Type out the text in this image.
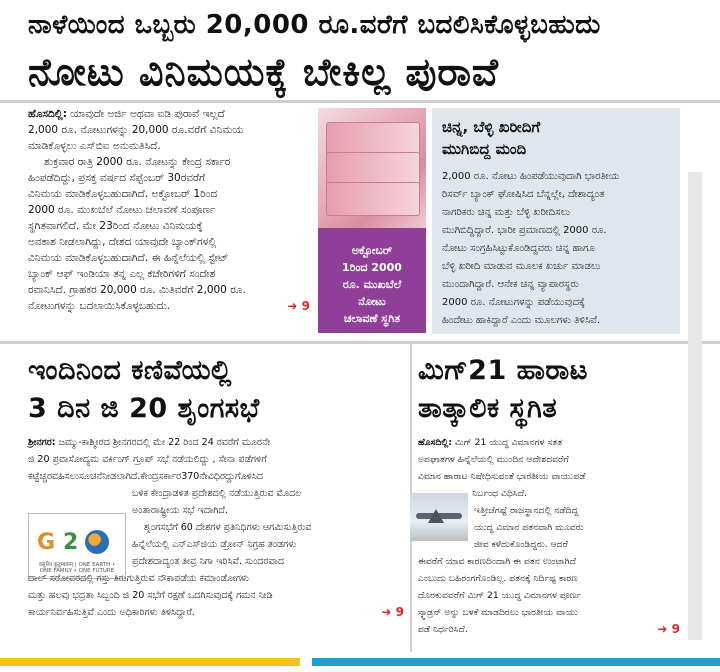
ನಾಳೆಯಿಂದ ಒಬ್ಬರು 20,000 ರೂ.ವರೆಗೆ ಬದಲಿಸಿಕೊಳ್ಳಬಹುದು
ನೋಟು ವಿನಿಮಯಕ್ಕೆ ಬೇಕಿಲ್ಲ ಪುರಾವೆ
ಹೊಸದಿಲ್ಲಿ: ಯಾವುದೇ ಅರ್ಜಿ ಅಥವಾ ಐಡಿ ಪುರಾವೆ ಇಲ್ಲದೆ
2,000 ರೂ. ನೋಟುಗಳನ್ನು 20,000 ರೂ.ವರೆಗೆ ವಿನಿಮಯ
ಮಾಡಿಕೊಳ್ಳಲು ಎಸ್‌ಬಿಐ ಅನುಮತಿಸಿದೆ.
ಶುಕ್ರವಾರ ರಾತ್ರಿ 2000 ರೂ. ನೋಟನ್ನು ಕೇಂದ್ರ ಸರ್ಕಾರ
ಹಿಂಪಡೆದಿದ್ದು, ಪ್ರಸಕ್ತ ವರ್ಷದ ಸೆಪ್ಟೆಂಬರ್ 30ರವರೆಗೆ
ವಿನಿಮಯ ಮಾಡಿಕೊಳ್ಳಬಹುದಾಗಿದೆ. ಅಕ್ಟೋಬರ್ 1ರಿಂದ
2000 ರೂ. ಮುಖಬೆಲೆ ನೋಟು ಚಲಾವಣೆ ಸಂಪೂರ್ಣ
ಸ್ಥಗಿತವಾಗಲಿದೆ. ಮೇ 23ರಿಂದ ನೋಟು ವಿನಿಮಯಕ್ಕೆ
ಅವಕಾಶ ನೀಡಲಾಗಿದ್ದು, ದೇಶದ ಯಾವುದೇ ಬ್ಯಾಂಕ್‌ಗಳಲ್ಲಿ
ವಿನಿಮಯ ಮಾಡಿಕೊಳ್ಳಬಹುದಾಗಿದೆ. ಈ ಹಿನ್ನೆಲೆಯಲ್ಲಿ ಸ್ಟೇಟ್
ಬ್ಯಾಂಕ್ ಆಫ್ ಇಂಡಿಯಾ ತನ್ನ ಎಲ್ಲ ಕಚೇರಿಗಳಿಗೆ ಸಂದೇಶ
ರವಾನಿಸಿದೆ. ಗ್ರಾಹಕರ 20,000 ರೂ. ಮಿತಿವರೆಗೆ 2,000 ರೂ.
ನೋಟುಗಳನ್ನು ಬದಲಾಯಿಸಿಕೊಳ್ಳಬಹುದು.	➜ 9
ಅಕ್ಟೋಬರ್
1ರಿಂದ 2000
ರೂ. ಮುಖಬೆಲೆ
ನೋಟು
ಚಲಾವಣೆ ಸ್ಥಗಿತ
ಚಿನ್ನ, ಬೆಳ್ಳಿ ಖರೀದಿಗೆ
ಮುಗಿಬಿದ್ದ ಮಂದಿ
2,000 ರೂ. ನೋಟು ಹಿಂಪಡೆಯುವುದಾಗಿ ಭಾರತೀಯ
ರಿಸರ್ವ್ ಬ್ಯಾಂಕ್ ಘೋಷಿಸಿದ ಬೆನ್ನಲ್ಲೇ, ದೇಶಾದ್ಯಂತ
ನಾಗರಿಕರು ಚಿನ್ನ ಮತ್ತು ಬೆಳ್ಳಿ ಖರೀದಿಸಲು
ಮುಗಿಬಿದ್ದಿದ್ದಾರೆ. ಭಾರೀ ಪ್ರಮಾಣದಲ್ಲಿ 2000 ರೂ.
ನೋಟು ಸಂಗ್ರಹಿಸಿಟ್ಟುಕೊಂಡಿದ್ದವರು ಚಿನ್ನ ಹಾಗೂ
ಬೆಳ್ಳಿ ಖರೀದಿ ಮಾಡುವ ಮೂಲಕ ಖರ್ಚು ಮಾಡಲು
ಮುಂದಾಗಿದ್ದಾರೆ. ಆನೇಕ ಚಿನ್ನ ವ್ಯಾಪಾರಸ್ಥರು
2000 ರೂ. ನೋಟುಗಳನ್ನು ಪಡೆಯುವುದಕ್ಕೆ
ಹಿಂದೇಟು ಹಾಕಿದ್ದಾರೆ ಎಂದು ಮೂಲಗಳು ತಿಳಿಸಿವೆ.
ಇಂದಿನಿಂದ ಕಣಿವೆಯಲ್ಲಿ
3 ದಿನ ಜಿ 20 ಶೃಂಗಸಭೆ
ಶ್ರೀನಗರ: ಜಮ್ಮು-ಕಾಶ್ಮೀರದ ಶ್ರೀನಗರದಲ್ಲಿ ಮೇ 22 ರಿಂದ 24 ರವರೆಗೆ ಮೂರನೇ
ಜಿ 20 ಪ್ರವಾಸೋದ್ಯಮ ವರ್ಕಿಂಗ್ ಗ್ರೂಪ್ ಸಭೆ ನಡೆಯಲಿದ್ದು , ಸೇನಾ ಪಡೆಗಳಿಗೆ
ಕಟ್ಟೆಚ್ಚರವಹಿಸಲುಸೂಚನೆನೀಡಲಾಗಿದೆ.ಕೇಂದ್ರಸರ್ಕಾರ370ನೇವಿಧಿರದ್ದುಗೊಳಿಸಿದ
ಬಳಿಕ ಕೇಂದ್ರಾಡಳಿತ ಪ್ರದೇಶದಲ್ಲಿ ನಡೆಯುತ್ತಿರುವ ಮೊದಲ
ಅಂತಾರಾಷ್ಟ್ರೀಯ ಸಭೆ ಇದಾಗಿದೆ.
ಶೃಂಗಸಭೆಗೆ 60 ದೇಶಗಳ ಪ್ರತಿನಿಧಿಗಳು ಆಗಮಿಸುತ್ತಿರುವ
ಹಿನ್ನೆಲೆಯಲ್ಲಿ ಎನ್‌ಎಸ್‌ಜಿಯ ಡ್ರೋನ್ ನಿಗ್ರಹ ತಂಡಗಳು
ಪ್ರದೇಶದಾದ್ಯಂತ ತೀವ್ರ ನಿಗಾ ಇರಿಸಿವೆ. ಸುಂದರವಾದ
G 2
वसुधैव कुटुम्बकम् | ONE EARTH • ONE FAMILY • ONE FUTURE
ದಾಲ್ ಸರೋವರದಲ್ಲಿ ಗಸ್ತು ತಿರುಗುತ್ತಿರುವ ನೌಕಾಪಡೆಯ ಕಮಾಂಡೋಗಳು
ಮತ್ತು ಹಲವು ಭದ್ರತಾ ಸಿಬ್ಬಂದಿ ಜಿ 20 ಸಭೆಗೆ ರಕ್ಷಣೆ ಒದಗಿಸುವುದಕ್ಕೆ ಗಮನ ನೀಡಿ
ಕಾರ್ಯನಿರ್ವಹಿಸುತ್ತಿವೆ ಎಂದು ಅಧಿಕಾರಿಗಳು ತಿಳಿಸಿದ್ದಾರೆ.	➜ 9
ಮಿಗ್21 ಹಾರಾಟ
ತಾತ್ಕಾಲಿಕ ಸ್ಥಗಿತ
ಹೊಸದಿಲ್ಲಿ: ಮಿಗ್ 21 ಯುದ್ಧ ವಿಮಾನಗಳ ಸತತ
ಅಪಘಾತಗಳ ಹಿನ್ನೆಲೆಯಲ್ಲಿ ಮುಂದಿನ ಆದೇಶದವರೆಗೆ
ವಿಮಾನ ಹಾರಾಟ ನಿಷೇಧಿಸುವಂತೆ ಭಾರತೀಯ ವಾಯುಪಡೆ
ನಿರ್ಬಂಧ ವಿಧಿಸಿದೆ.
ಇತ್ತೀಚೆಗಷ್ಟೆ ರಾಜಸ್ಥಾನದಲ್ಲಿ ನಡೆದಿದ್ದ
ಯುದ್ಧ ವಿಮಾನ ಪತನವಾಗಿ ಮೂವರು
ಜೀವ ಕಳೆದುಕೊಂಡಿದ್ದರು. ಆದರೆ
ಈವರೆಗೆ ಯಾವ ಕಾರಣದಿಂದಾಗಿ ಈ ಪತನ ಉಂಟಾಗಿದೆ
ಎಂಬುದು ಬಹಿರಂಗಗೊಂಡಿಲ್ಲ. ಪತನಕ್ಕೆ ನಿರ್ದಿಷ್ಟ ಕಾರಣ
ದೊರಕುವವರೆಗೆ ಮಿಗ್ 21 ಯುದ್ಧ ವಿಮಾನಗಳ ಪೂರ್ಣ
ಸ್ಕ್ವಾಡ್ರನ್ ಅನ್ನು ಬಳಕೆ ಮಾಡದಿರಲು ಭಾರತೀಯ ವಾಯು
ಪಡೆ ನಿರ್ಧರಿಸಿದೆ.	➜ 9
